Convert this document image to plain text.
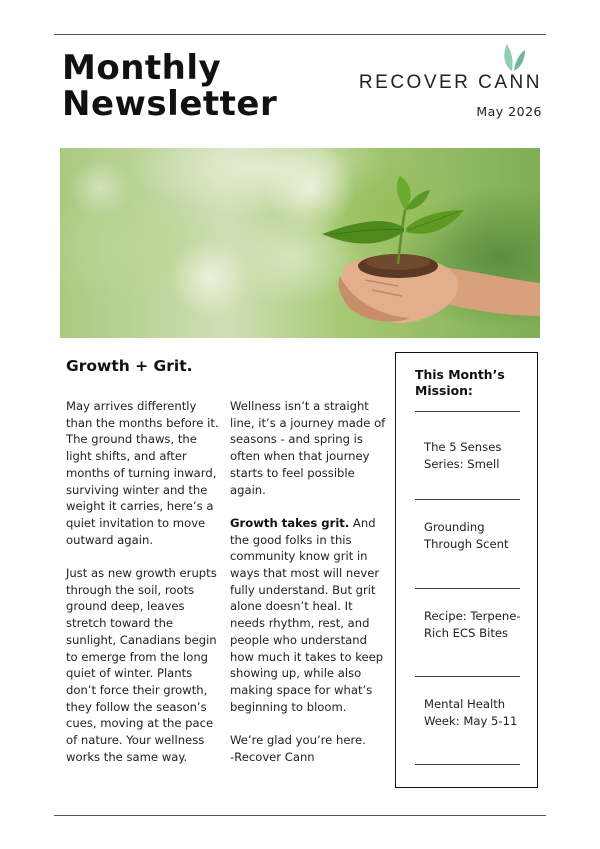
Monthly
Newsletter
RECOVER CANN
May 2026
Growth + Grit.

May arrives differently than the months before it. The ground thaws, the light shifts, and after months of turning inward, surviving winter and the weight it carries, here’s a quiet invitation to move outward again.

Just as new growth erupts through the soil, roots ground deep, leaves stretch toward the sunlight, Canadians begin to emerge from the long quiet of winter. Plants don’t force their growth, they follow the season’s cues, moving at the pace of nature. Your wellness works the same way.

Wellness isn’t a straight line, it’s a journey made of seasons - and spring is often when that journey starts to feel possible again.

Growth takes grit. And the good folks in this community know grit in ways that most will never fully understand. But grit alone doesn’t heal. It needs rhythm, rest, and people who understand how much it takes to keep showing up, while also making space for what’s beginning to bloom.

We’re glad you’re here.
-Recover Cann

This Month’s Mission:
The 5 Senses Series: Smell
Grounding Through Scent
Recipe: Terpene-Rich ECS Bites
Mental Health Week: May 5-11
